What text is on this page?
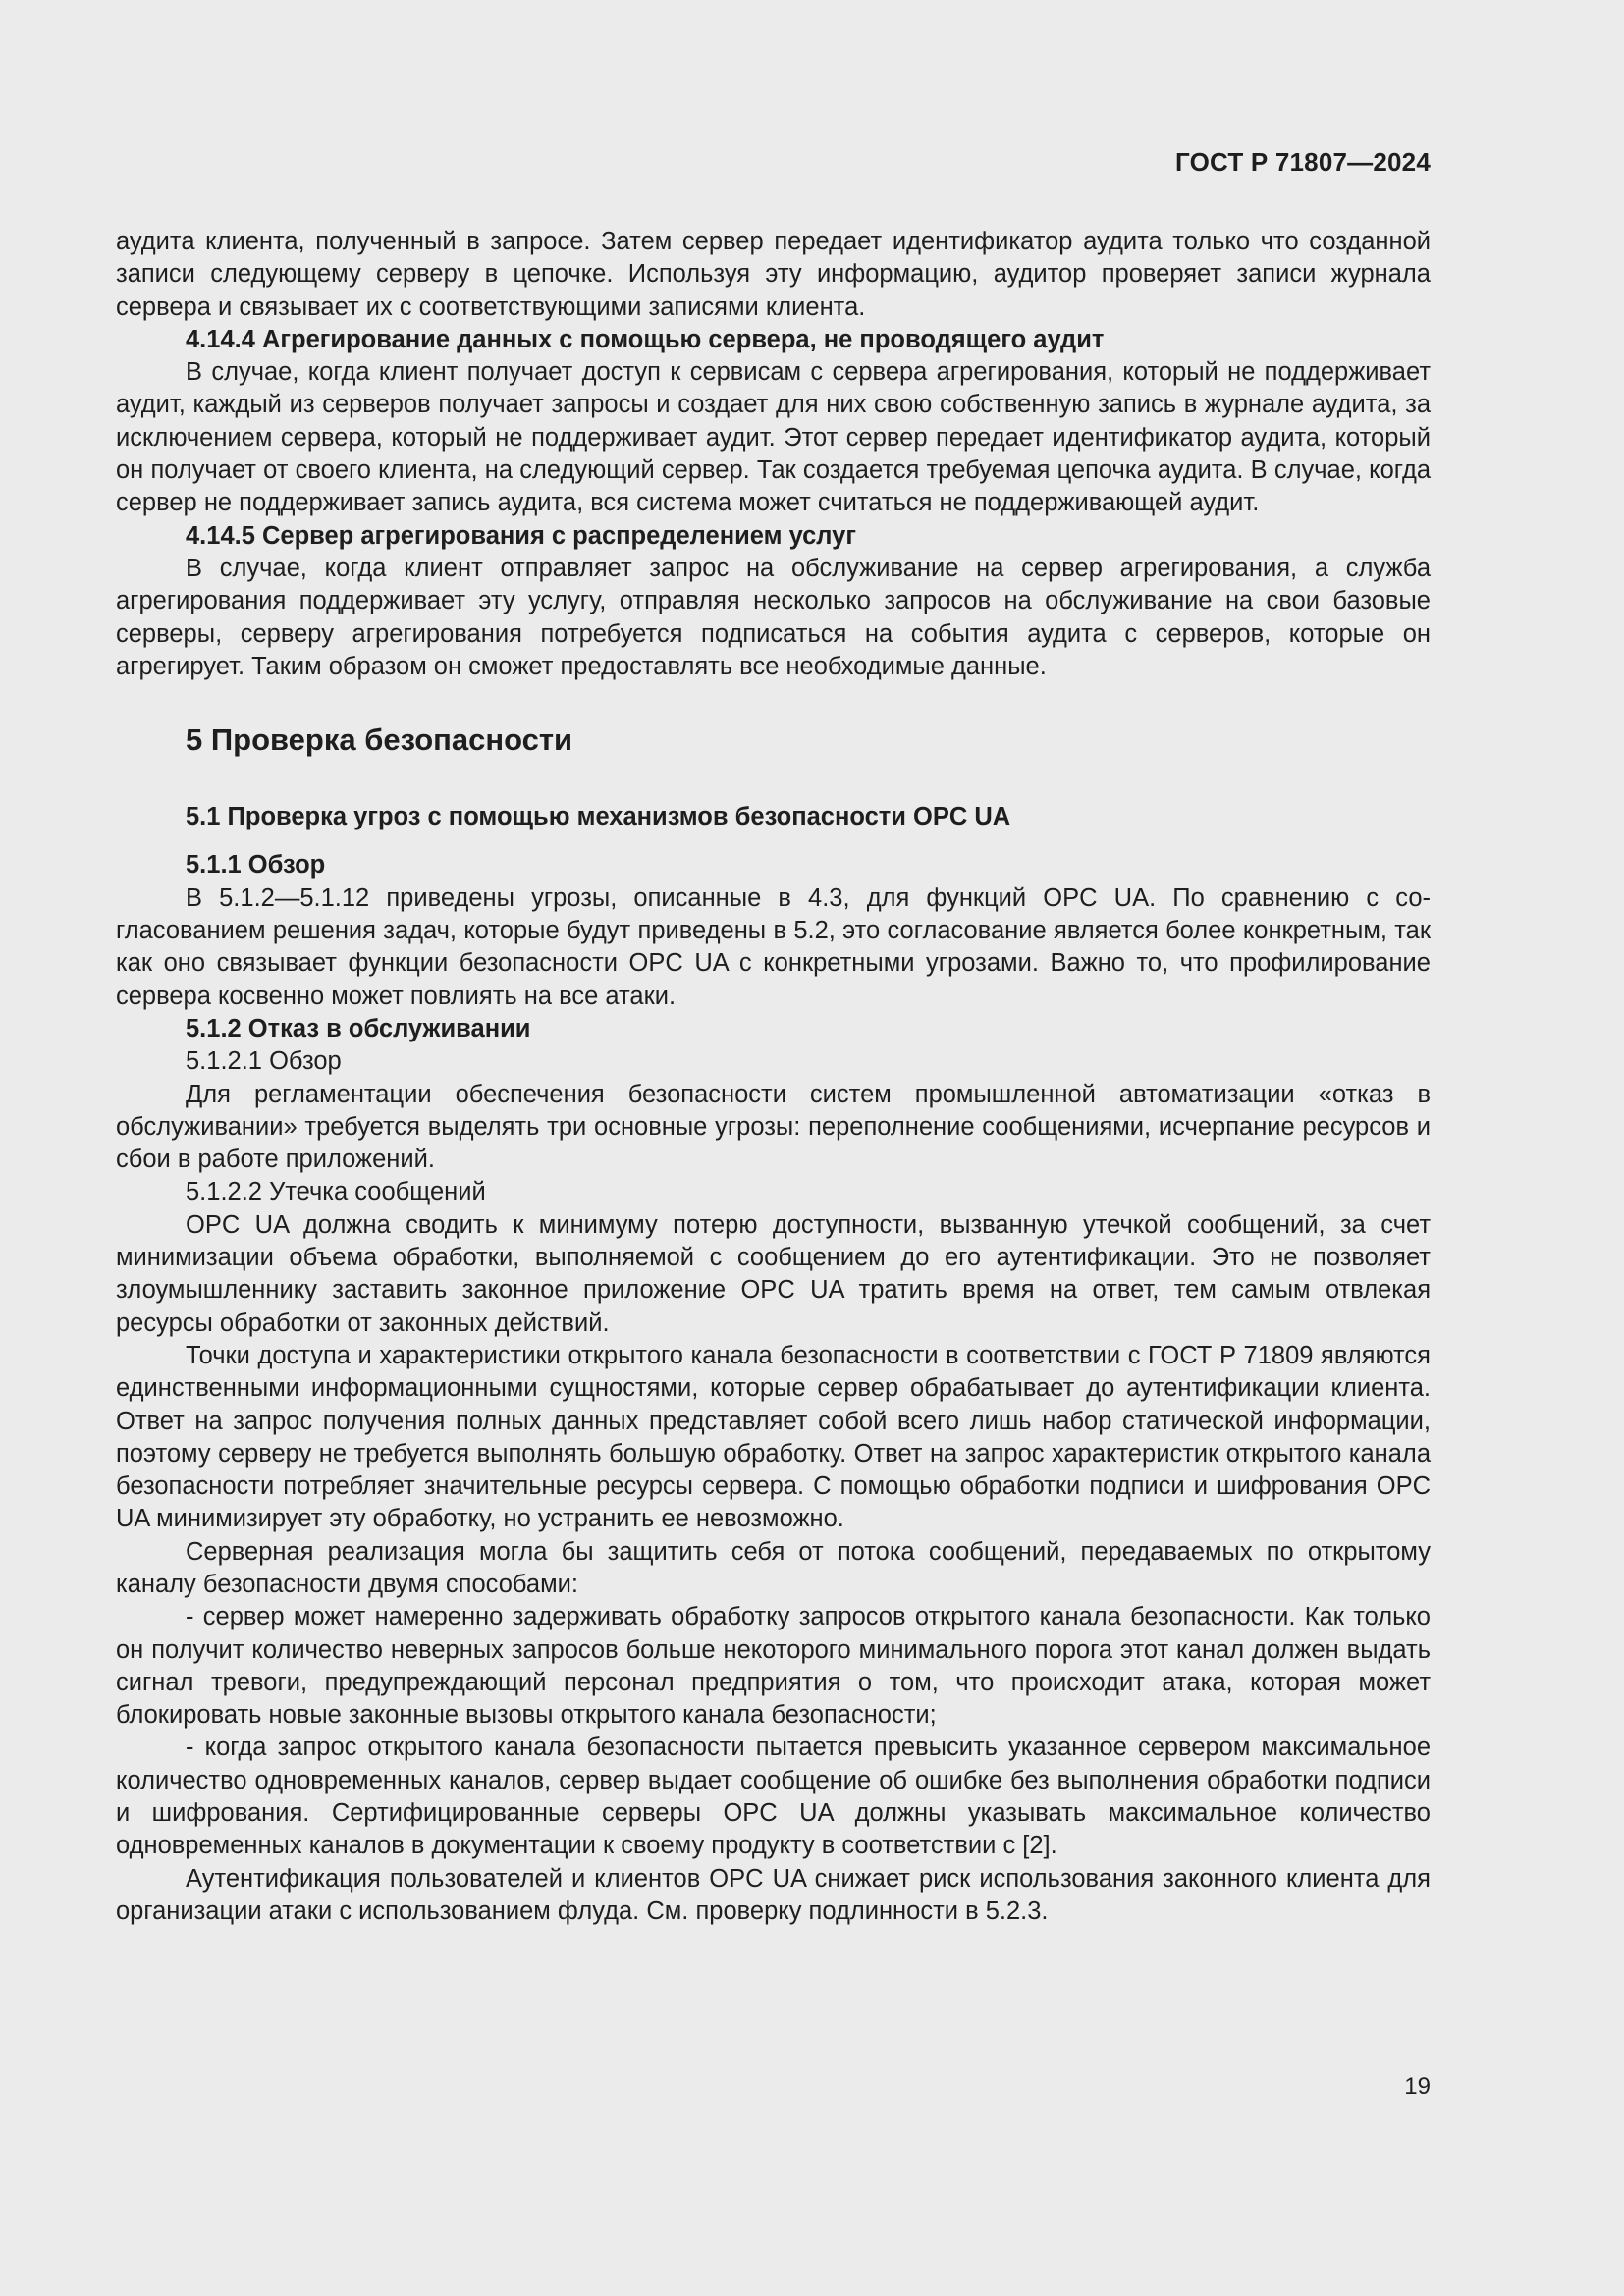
ГОСТ Р 71807—2024

аудита клиента, полученный в запросе. Затем сервер передает идентификатор аудита только что созданной записи следующему серверу в цепочке. Используя эту информацию, аудитор проверяет записи журнала сервера и связывает их с соответствующими записями клиента.

4.14.4 Агрегирование данных с помощью сервера, не проводящего аудит

В случае, когда клиент получает доступ к сервисам с сервера агрегирования, который не поддерживает аудит, каждый из серверов получает запросы и создает для них свою собственную запись в журнале аудита, за исключением сервера, который не поддерживает аудит. Этот сервер передает идентификатор аудита, который он получает от своего клиента, на следующий сервер. Так создается требуемая цепочка аудита. В случае, когда сервер не поддерживает запись аудита, вся система может считаться не поддерживающей аудит.

4.14.5 Сервер агрегирования с распределением услуг

В случае, когда клиент отправляет запрос на обслуживание на сервер агрегирования, а служба агрегирования поддерживает эту услугу, отправляя несколько запросов на обслуживание на свои базовые серверы, серверу агрегирования потребуется подписаться на события аудита с серверов, которые он агрегирует. Таким образом он сможет предоставлять все необходимые данные.

5 Проверка безопасности

5.1 Проверка угроз с помощью механизмов безопасности OPC UA

5.1.1 Обзор

В 5.1.2—5.1.12 приведены угрозы, описанные в 4.3, для функций OPC UA. По сравнению с согласованием решения задач, которые будут приведены в 5.2, это согласование является более конкретным, так как оно связывает функции безопасности OPC UA с конкретными угрозами. Важно то, что профилирование сервера косвенно может повлиять на все атаки.

5.1.2 Отказ в обслуживании

5.1.2.1 Обзор

Для регламентации обеспечения безопасности систем промышленной автоматизации «отказ в обслуживании» требуется выделять три основные угрозы: переполнение сообщениями, исчерпание ресурсов и сбои в работе приложений.

5.1.2.2 Утечка сообщений

OPC UA должна сводить к минимуму потерю доступности, вызванную утечкой сообщений, за счет минимизации объема обработки, выполняемой с сообщением до его аутентификации. Это не позволяет злоумышленнику заставить законное приложение OPC UA тратить время на ответ, тем самым отвлекая ресурсы обработки от законных действий.

Точки доступа и характеристики открытого канала безопасности в соответствии с ГОСТ Р 71809 являются единственными информационными сущностями, которые сервер обрабатывает до аутентификации клиента. Ответ на запрос получения полных данных представляет собой всего лишь набор статической информации, поэтому серверу не требуется выполнять большую обработку. Ответ на запрос характеристик открытого канала безопасности потребляет значительные ресурсы сервера. С помощью обработки подписи и шифрования OPC UA минимизирует эту обработку, но устранить ее невозможно.

Серверная реализация могла бы защитить себя от потока сообщений, передаваемых по открытому каналу безопасности двумя способами:

- сервер может намеренно задерживать обработку запросов открытого канала безопасности. Как только он получит количество неверных запросов больше некоторого минимального порога этот канал должен выдать сигнал тревоги, предупреждающий персонал предприятия о том, что происходит атака, которая может блокировать новые законные вызовы открытого канала безопасности;

- когда запрос открытого канала безопасности пытается превысить указанное сервером максимальное количество одновременных каналов, сервер выдает сообщение об ошибке без выполнения обработки подписи и шифрования. Сертифицированные серверы OPC UA должны указывать максимальное количество одновременных каналов в документации к своему продукту в соответствии с [2].

Аутентификация пользователей и клиентов OPC UA снижает риск использования законного клиента для организации атаки с использованием флуда. См. проверку подлинности в 5.2.3.

19
